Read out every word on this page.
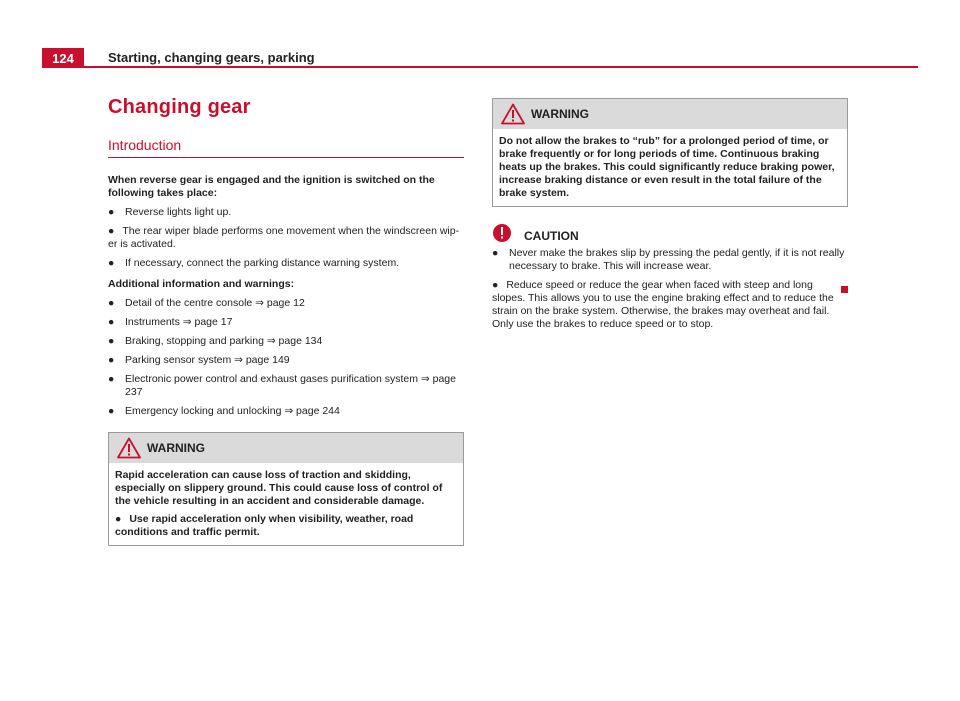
124	Starting, changing gears, parking
Changing gear
Introduction

When reverse gear is engaged and the ignition is switched on the following takes place:

● Reverse lights light up.

● The rear wiper blade performs one movement when the windscreen wip-er is activated.

● If necessary, connect the parking distance warning system.

Additional information and warnings:

● Detail of the centre console ⇒ page 12

● Instruments ⇒ page 17

● Braking, stopping and parking ⇒ page 134

● Parking sensor system ⇒ page 149

● Electronic power control and exhaust gases purification system ⇒ page 237

● Emergency locking and unlocking ⇒ page 244

WARNING

Rapid acceleration can cause loss of traction and skidding, especially on slippery ground. This could cause loss of control of the vehicle resulting in an accident and considerable damage.

● Use rapid acceleration only when visibility, weather, road conditions and traffic permit.

WARNING

Do not allow the brakes to “rub” for a prolonged period of time, or brake frequently or for long periods of time. Continuous braking heats up the brakes. This could significantly reduce braking power, increase braking distance or even result in the total failure of the brake system.

CAUTION

● Never make the brakes slip by pressing the pedal gently, if it is not really necessary to brake. This will increase wear.

● Reduce speed or reduce the gear when faced with steep and long slopes. This allows you to use the engine braking effect and to reduce the strain on the brake system. Otherwise, the brakes may overheat and fail. Only use the brakes to reduce speed or to stop.
